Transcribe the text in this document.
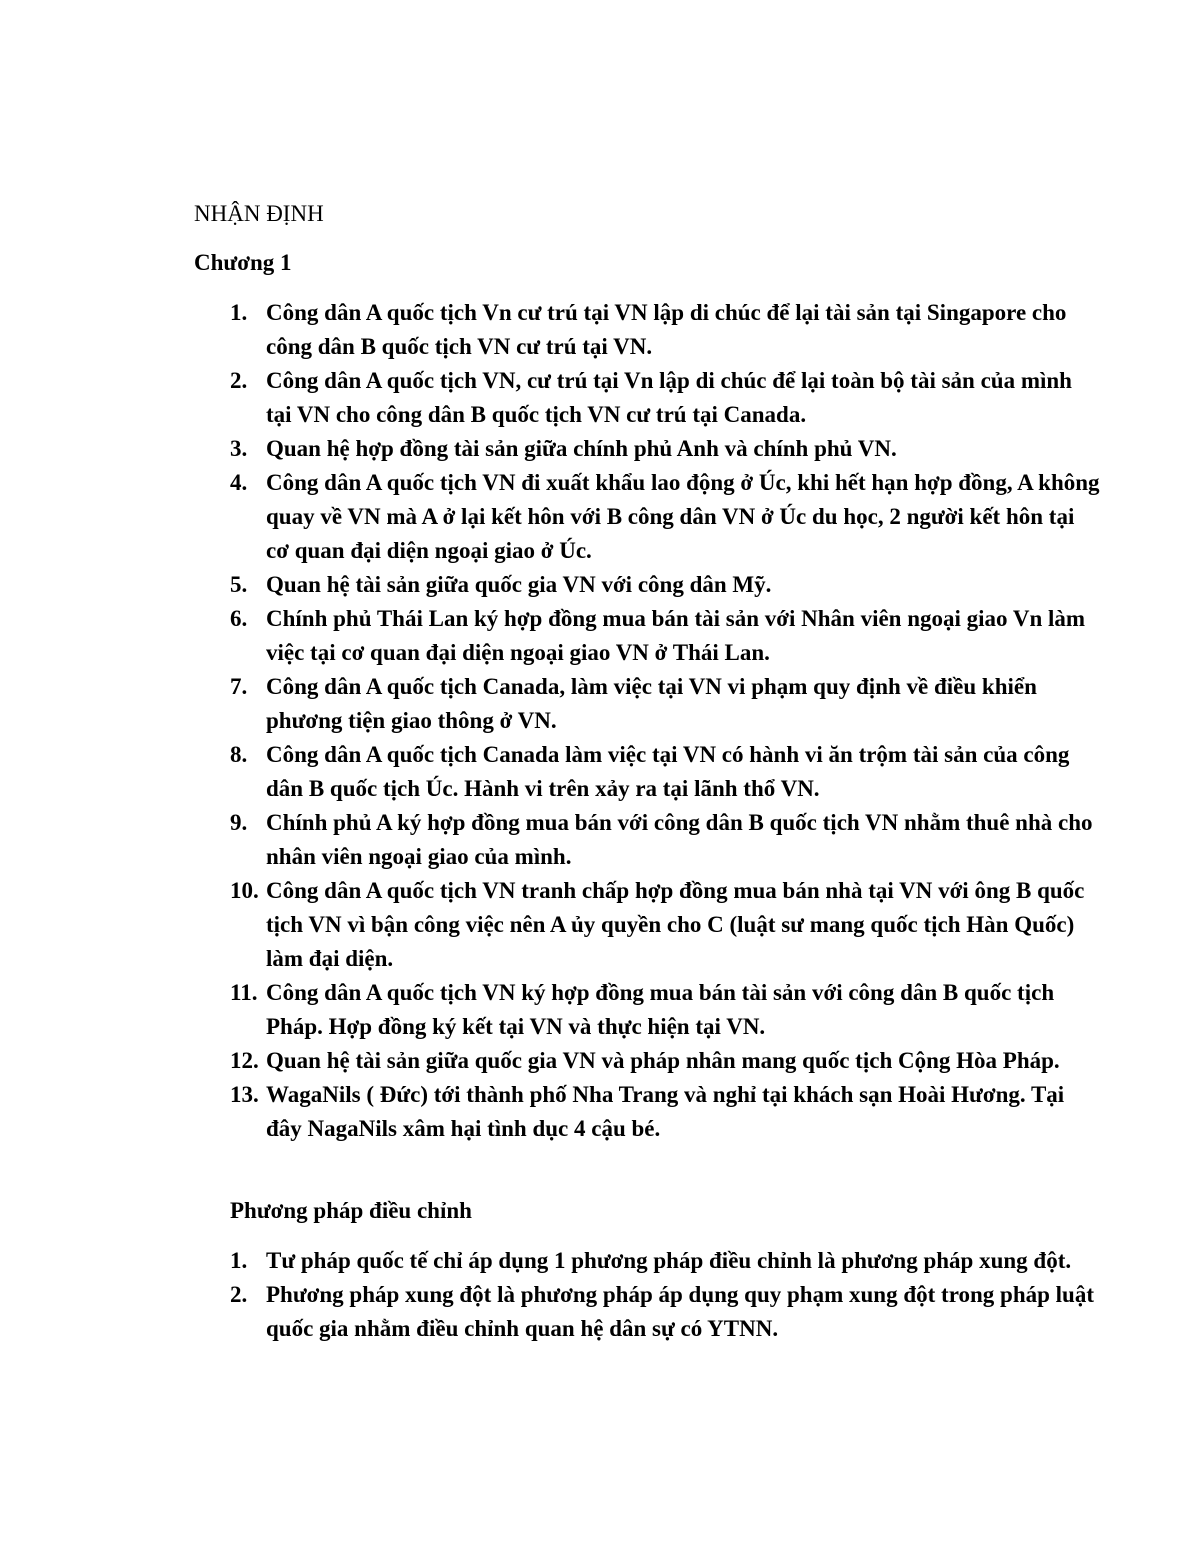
NHẬN ĐỊNH
Chương 1
1. Công dân A quốc tịch Vn cư trú tại VN lập di chúc để lại tài sản tại Singapore cho công dân B quốc tịch VN cư trú tại VN.
2. Công dân A quốc tịch VN, cư trú tại Vn lập di chúc để lại toàn bộ tài sản của mình tại VN cho công dân B quốc tịch VN cư trú tại Canada.
3. Quan hệ hợp đồng tài sản giữa chính phủ Anh và chính phủ VN.
4. Công dân A quốc tịch VN đi xuất khẩu lao động ở Úc, khi hết hạn hợp đồng, A không quay về VN mà A ở lại kết hôn với B công dân VN ở Úc du học, 2 người kết hôn tại cơ quan đại diện ngoại giao ở Úc.
5. Quan hệ tài sản giữa quốc gia VN với công dân Mỹ.
6. Chính phủ Thái Lan ký hợp đồng mua bán tài sản với Nhân viên ngoại giao Vn làm việc tại cơ quan đại diện ngoại giao VN ở Thái Lan.
7. Công dân A quốc tịch Canada, làm việc tại VN vi phạm quy định về điều khiển phương tiện giao thông ở VN.
8. Công dân A quốc tịch Canada làm việc tại VN có hành vi ăn trộm tài sản của công dân B quốc tịch Úc. Hành vi trên xảy ra tại lãnh thổ VN.
9. Chính phủ A ký hợp đồng mua bán với công dân B quốc tịch VN nhằm thuê nhà cho nhân viên ngoại giao của mình.
10. Công dân A quốc tịch VN tranh chấp hợp đồng mua bán nhà tại VN với ông B quốc tịch VN vì bận công việc nên A ủy quyền cho C (luật sư mang quốc tịch Hàn Quốc) làm đại diện.
11. Công dân A quốc tịch VN ký hợp đồng mua bán tài sản với công dân B quốc tịch Pháp. Hợp đồng ký kết tại VN và thực hiện tại VN.
12. Quan hệ tài sản giữa quốc gia VN và pháp nhân mang quốc tịch Cộng Hòa Pháp.
13. WagaNils ( Đức) tới thành phố Nha Trang và nghỉ tại khách sạn Hoài Hương. Tại đây NagaNils xâm hại tình dục 4 cậu bé.
Phương pháp điều chỉnh
1. Tư pháp quốc tế chỉ áp dụng 1 phương pháp điều chỉnh là phương pháp xung đột.
2. Phương pháp xung đột là phương pháp áp dụng quy phạm xung đột trong pháp luật quốc gia nhằm điều chỉnh quan hệ dân sự có YTNN.
